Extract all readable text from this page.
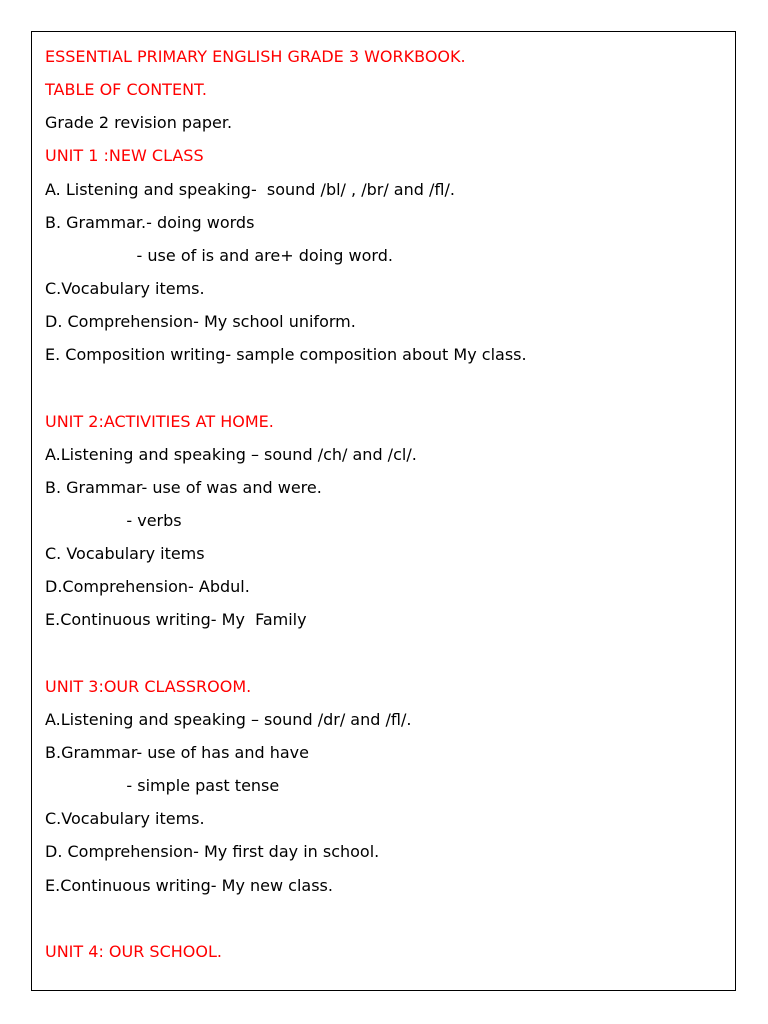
ESSENTIAL PRIMARY ENGLISH GRADE 3 WORKBOOK.
TABLE OF CONTENT.
Grade 2 revision paper.
UNIT 1 :NEW CLASS
A. Listening and speaking-  sound /bl/ , /br/ and /fl/.
B. Grammar.- doing words
- use of is and are+ doing word.
C.Vocabulary items.
D. Comprehension- My school uniform.
E. Composition writing- sample composition about My class.
UNIT 2:ACTIVITIES AT HOME.
A.Listening and speaking – sound /ch/ and /cl/.
B. Grammar- use of was and were.
- verbs
C. Vocabulary items
D.Comprehension- Abdul.
E.Continuous writing- My  Family
UNIT 3:OUR CLASSROOM.
A.Listening and speaking – sound /dr/ and /fl/.
B.Grammar- use of has and have
- simple past tense
C.Vocabulary items.
D. Comprehension- My first day in school.
E.Continuous writing- My new class.
UNIT 4: OUR SCHOOL.
